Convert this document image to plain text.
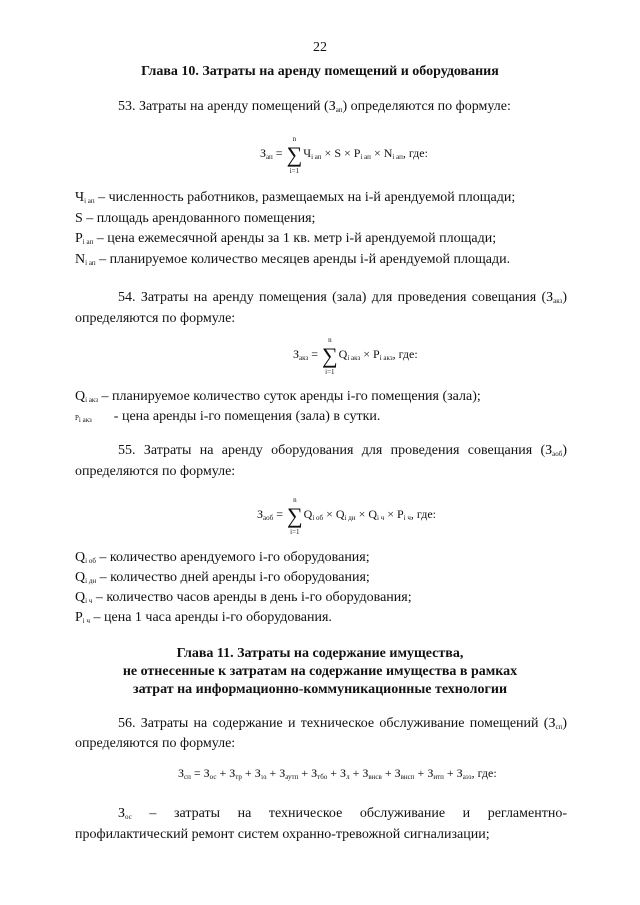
22
Глава 10. Затраты на аренду помещений и оборудования
53. Затраты на аренду помещений $(З_{ап})$ определяются по формуле:
$З_{ап}$ = ∑
n
i=1
$Ч_{i ап} \times S \times P_{i ап} \times N_{i ап}$, где:
$Ч_{i ап}$ – численность работников, размещаемых на i-й арендуемой площади;
S – площадь арендованного помещения;
$P_{i ап}$ – цена ежемесячной аренды за 1 кв. метр i-й арендуемой площади;
$N_{i ап}$ – планируемое количество месяцев аренды i-й арендуемой площади.
54. Затраты на аренду помещения (зала) для проведения совещания $(З_{акз})$
определяются по формуле:
$З_{акз}$ = ∑
n
i=1
$Q_{i акз} \times P_{i акз}$, где:
$Q_{i акз}$ – планируемое количество суток аренды i-го помещения (зала);
$P_{i акз}$ - цена аренды i-го помещения (зала) в сутки.
55. Затраты на аренду оборудования для проведения совещания $(З_{аоб})$
определяются по формуле:
$З_{аоб}$ = ∑
n
i=1
$Q_{i об} \times Q_{i дн} \times Q_{i ч} \times P_{i ч}$, где:
$Q_{i об}$ – количество арендуемого i-го оборудования;
$Q_{i дн}$ – количество дней аренды i-го оборудования;
$Q_{i ч}$ – количество часов аренды в день i-го оборудования;
$P_{i ч}$ – цена 1 часа аренды i-го оборудования.
Глава 11. Затраты на содержание имущества,
не отнесенные к затратам на содержание имущества в рамках
затрат на информационно-коммуникационные технологии
56. Затраты на содержание и техническое обслуживание помещений $(З_{сп})$
определяются по формуле:
$З_{сп} = З_{ос} + З_{тр} + З_{эз} + З_{аутп} + З_{тбо} + З_л + З_{внсв} + З_{внсп} + З_{итп} + З_{аэз}$, где:
$З_{ос}$ – затраты на техническое обслуживание и регламентно-
профилактический ремонт систем охранно-тревожной сигнализации;
